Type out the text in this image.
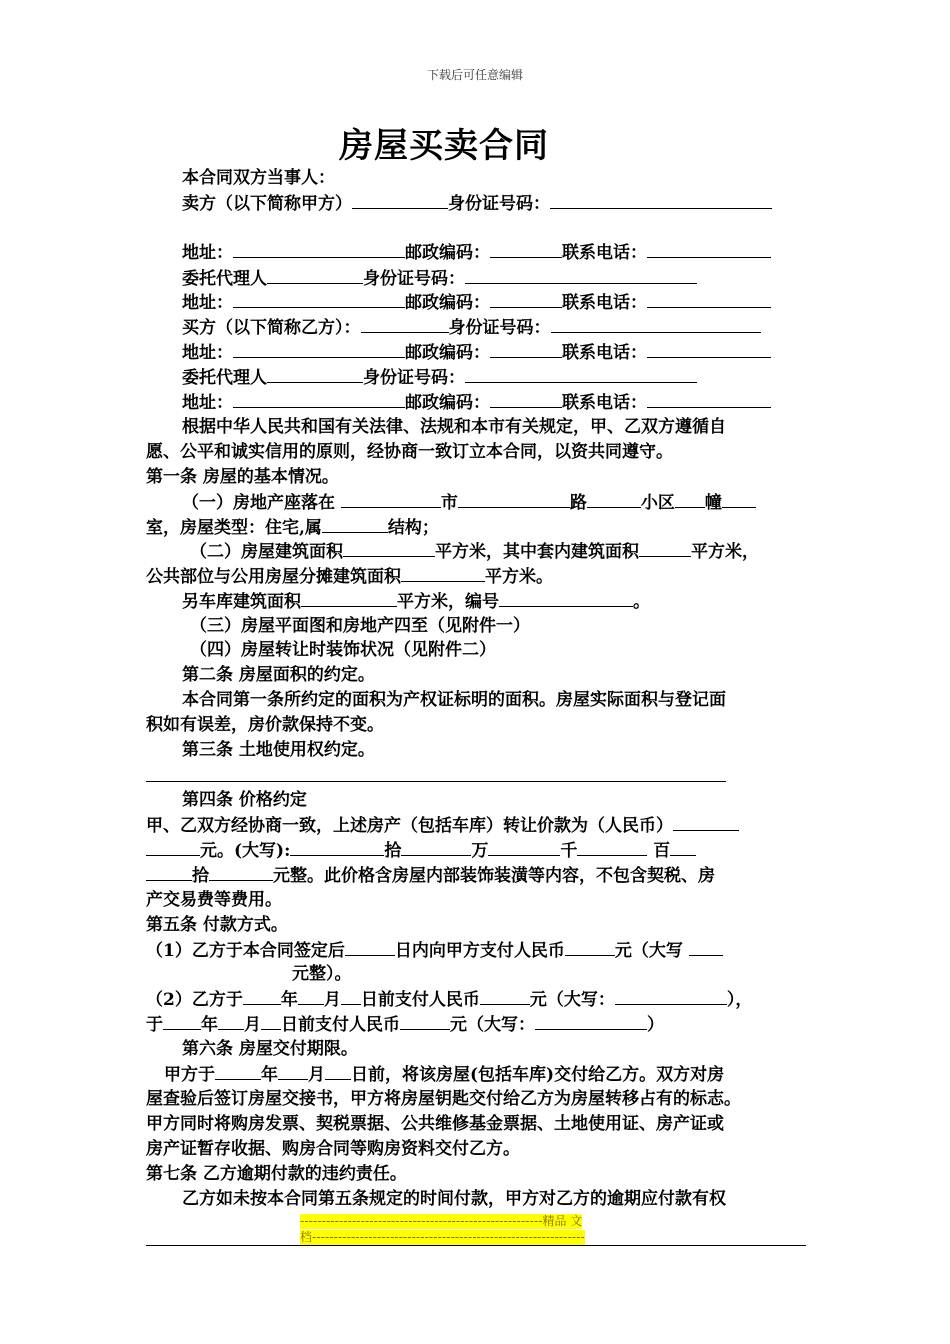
下载后可任意编辑
房屋买卖合同
本合同双方当事人：
卖方（以下简称甲方）	身份证号码：
地址：	邮政编码：	联系电话：
委托代理人	身份证号码：
地址：	邮政编码：	联系电话：
买方（以下简称乙方）：	身份证号码：
地址：	邮政编码：	联系电话：
委托代理人	身份证号码：
地址：	邮政编码：	联系电话：
根据中华人民共和国有关法律、法规和本市有关规定，甲、乙双方遵循自
愿、公平和诚实信用的原则，经协商一致订立本合同，以资共同遵守。
第一条 房屋的基本情况。
（一）房地产座落在	市	路	小区 幢
室，房屋类型：住宅,属	结构；
（二）房屋建筑面积	平方米，其中套内建筑面积	平方米，
公共部位与公用房屋分摊建筑面积	平方米。
另车库建筑面积	平方米，编号	。
（三）房屋平面图和房地产四至（见附件一）
（四）房屋转让时装饰状况（见附件二）
第二条 房屋面积的约定。
本合同第一条所约定的面积为产权证标明的面积。房屋实际面积与登记面
积如有误差，房价款保持不变。
第三条 土地使用权约定。
第四条 价格约定
甲、乙双方经协商一致，上述房产（包括车库）转让价款为（人民币）
元。(大写):	拾	万	千	百
拾	元整。此价格含房屋内部装饰装潢等内容，不包含契税、房
产交易费等费用。
第五条 付款方式。
（1）乙方于本合同签定后	日内向甲方支付人民币	元（大写
元整）。
（2）乙方于 年 月 日前支付人民币	元（大写：	），
于 年 月 日前支付人民币	元（大写：	）
第六条 房屋交付期限。
甲方于	年 月 日前，将该房屋(包括车库)交付给乙方。双方对房
屋查验后签订房屋交接书，甲方将房屋钥匙交付给乙方为房屋转移占有的标志。
甲方同时将购房发票、契税票据、公共维修基金票据、土地使用证、房产证或
房产证暂存收据、购房合同等购房资料交付乙方。
第七条 乙方逾期付款的违约责任。
乙方如未按本合同第五条规定的时间付款，甲方对乙方的逾期应付款有权
--------------------------------------------------------精品 文
档---------------------------------------------------------------
